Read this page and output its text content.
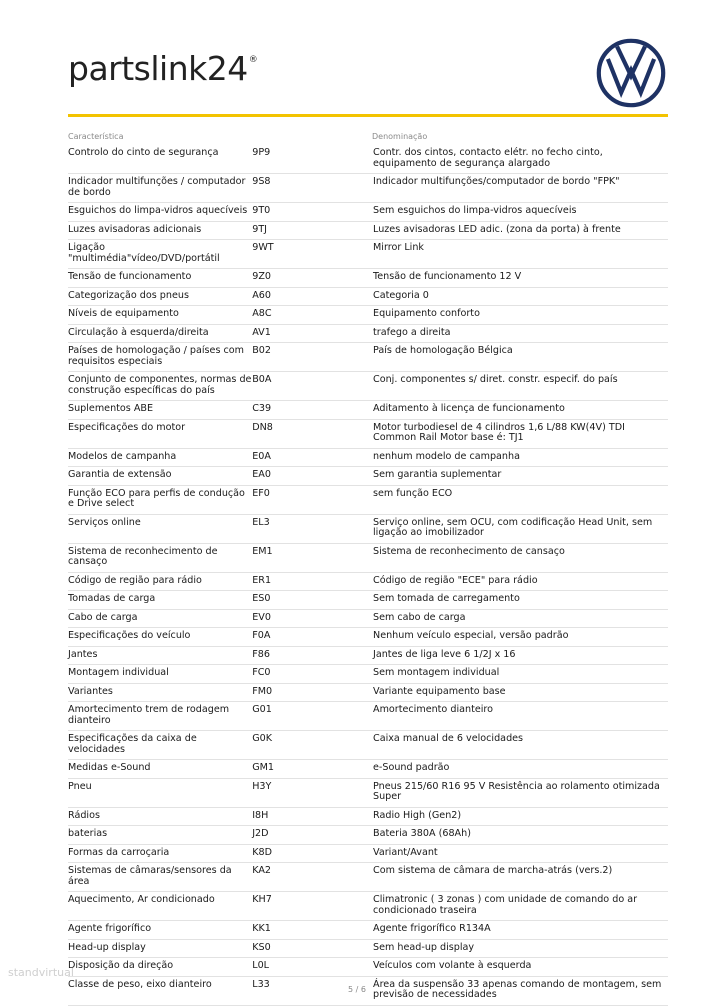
partslink24®
Característica	Denominação
Controlo do cinto de segurança	9P9	Contr. dos cintos, contacto elétr. no fecho cinto, equipamento de segurança alargado
Indicador multifunções / computador de bordo	9S8	Indicador multifunções/computador de bordo "FPK"
Esguichos do limpa-vidros aquecíveis	9T0	Sem esguichos do limpa-vidros aquecíveis
Luzes avisadoras adicionais	9TJ	Luzes avisadoras LED adic. (zona da porta) à frente
Ligação "multimédia"vídeo/DVD/portátil	9WT	Mirror Link
Tensão de funcionamento	9Z0	Tensão de funcionamento 12 V
Categorização dos pneus	A60	Categoria 0
Níveis de equipamento	A8C	Equipamento conforto
Circulação à esquerda/direita	AV1	trafego a direita
Países de homologação / países com requisitos especiais	B02	País de homologação Bélgica
Conjunto de componentes, normas de construção específicas do país	B0A	Conj. componentes s/ diret. constr. especif. do país
Suplementos ABE	C39	Aditamento à licença de funcionamento
Especificações do motor	DN8	Motor turbodiesel de 4 cilindros 1,6 L/88 KW(4V) TDI Common Rail Motor base é: TJ1
Modelos de campanha	E0A	nenhum modelo de campanha
Garantia de extensão	EA0	Sem garantia suplementar
Função ECO para perfis de condução e Drive select	EF0	sem função ECO
Serviços online	EL3	Serviço online, sem OCU, com codificação Head Unit, sem ligação ao imobilizador
Sistema de reconhecimento de cansaço	EM1	Sistema de reconhecimento de cansaço
Código de região para rádio	ER1	Código de região "ECE" para rádio
Tomadas de carga	ES0	Sem tomada de carregamento
Cabo de carga	EV0	Sem cabo de carga
Especificações do veículo	F0A	Nenhum veículo especial, versão padrão
Jantes	F86	Jantes de liga leve 6 1/2J x 16
Montagem individual	FC0	Sem montagem individual
Variantes	FM0	Variante equipamento base
Amortecimento trem de rodagem dianteiro	G01	Amortecimento dianteiro
Especificações da caixa de velocidades	G0K	Caixa manual de 6 velocidades
Medidas e-Sound	GM1	e-Sound padrão
Pneu	H3Y	Pneus 215/60 R16 95 V Resistência ao rolamento otimizada Super
Rádios	I8H	Radio High (Gen2)
baterias	J2D	Bateria 380A (68Ah)
Formas da carroçaria	K8D	Variant/Avant
Sistemas de câmaras/sensores da área	KA2	Com sistema de câmara de marcha-atrás (vers.2)
Aquecimento, Ar condicionado	KH7	Climatronic ( 3 zonas ) com unidade de comando do ar condicionado traseira
Agente frigorífico	KK1	Agente frigorífico R134A
Head-up display	KS0	Sem head-up display
Disposição da direção	L0L	Veículos com volante à esquerda
Classe de peso, eixo dianteiro	L33	Área da suspensão 33 apenas comando de montagem, sem previsão de necessidades
standvirtual
5 / 6
